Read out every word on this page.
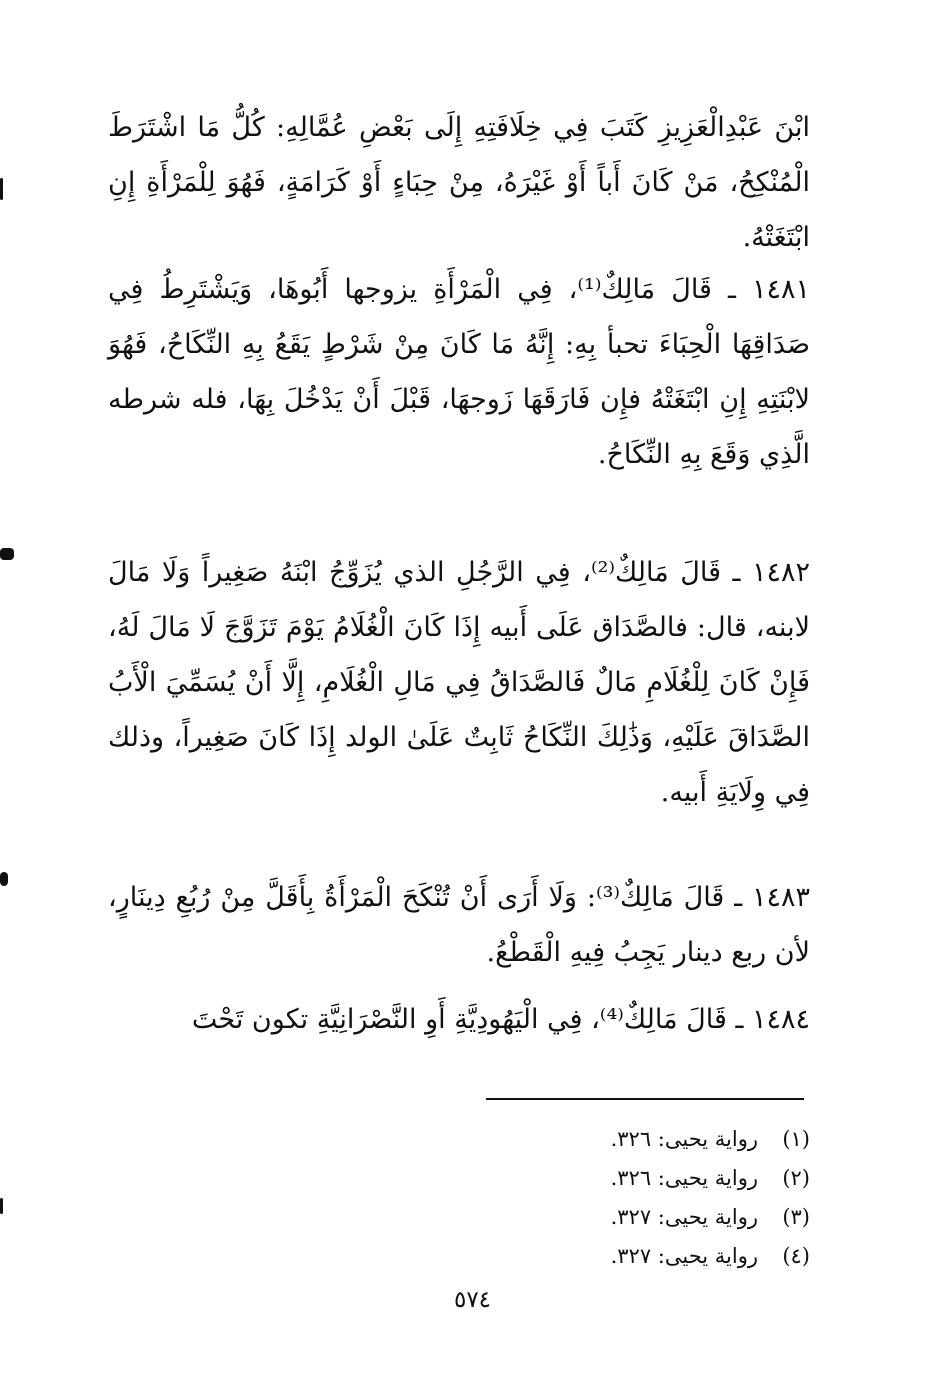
ابْنَ عَبْدِالْعَزِيزِ كَتَبَ فِي خِلَافَتِهِ إِلَى بَعْضِ عُمَّالِهِ: كُلُّ مَا اشْتَرَطَ الْمُنْكِحُ، مَنْ كَانَ أَباً أَوْ غَيْرَهُ، مِنْ حِبَاءٍ أَوْ كَرَامَةٍ، فَهُوَ لِلْمَرْأَةِ إِنِ ابْتَغَتْهُ.

١٤٨١ ـ قَالَ مَالِكٌ⁽¹⁾، فِي الْمَرْأَةِ يزوجها أَبُوهَا، وَيَشْتَرِطُ فِي صَدَاقِهَا الْحِبَاءَ تحبأ بِهِ: إِنَّهُ مَا كَانَ مِنْ شَرْطٍ يَقَعُ بِهِ النِّكَاحُ، فَهُوَ لابْنَتِهِ إِنِ ابْتَغَتْهُ فإِن فَارَقَهَا زَوجهَا، قَبْلَ أَنْ يَدْخُلَ بِهَا، فله شرطه الَّذِي وَقَعَ بِهِ النِّكَاحُ.

١٤٨٢ ـ قَالَ مَالِكٌ⁽²⁾، فِي الرَّجُلِ الذي يُزَوِّجُ ابْنَهُ صَغِيراً وَلَا مَالَ لابنه، قال: فالصَّدَاق عَلَى أَبيه إِذَا كَانَ الْغُلَامُ يَوْمَ تَزَوَّجَ لَا مَالَ لَهُ، فَإِنْ كَانَ لِلْغُلَامِ مَالٌ فَالصَّدَاقُ فِي مَالِ الْغُلَامِ، إِلَّا أَنْ يُسَمِّيَ الْأَبُ الصَّدَاقَ عَلَيْهِ، وَذَٰلِكَ النِّكَاحُ ثَابِتٌ عَلَىٰ الولد إِذَا كَانَ صَغِيراً، وذلك فِي وِلَايَةِ أَبيه.

١٤٨٣ ـ قَالَ مَالِكٌ⁽³⁾: وَلَا أَرَى أَنْ تُنْكَحَ الْمَرْأَةُ بِأَقَلَّ مِنْ رُبُعِ دِينَارٍ، لأن ربع دينار يَجِبُ فِيهِ الْقَطْعُ.

١٤٨٤ ـ قَالَ مَالِكٌ⁽⁴⁾، فِي الْيَهُودِيَّةِ أَوِ النَّصْرَانِيَّةِ تكون تَحْتَ

(١)رواية يحيى: ٣٢٦.
(٢)رواية يحيى: ٣٢٦.
(٣)رواية يحيى: ٣٢٧.
(٤)رواية يحيى: ٣٢٧.
٥٧٤
